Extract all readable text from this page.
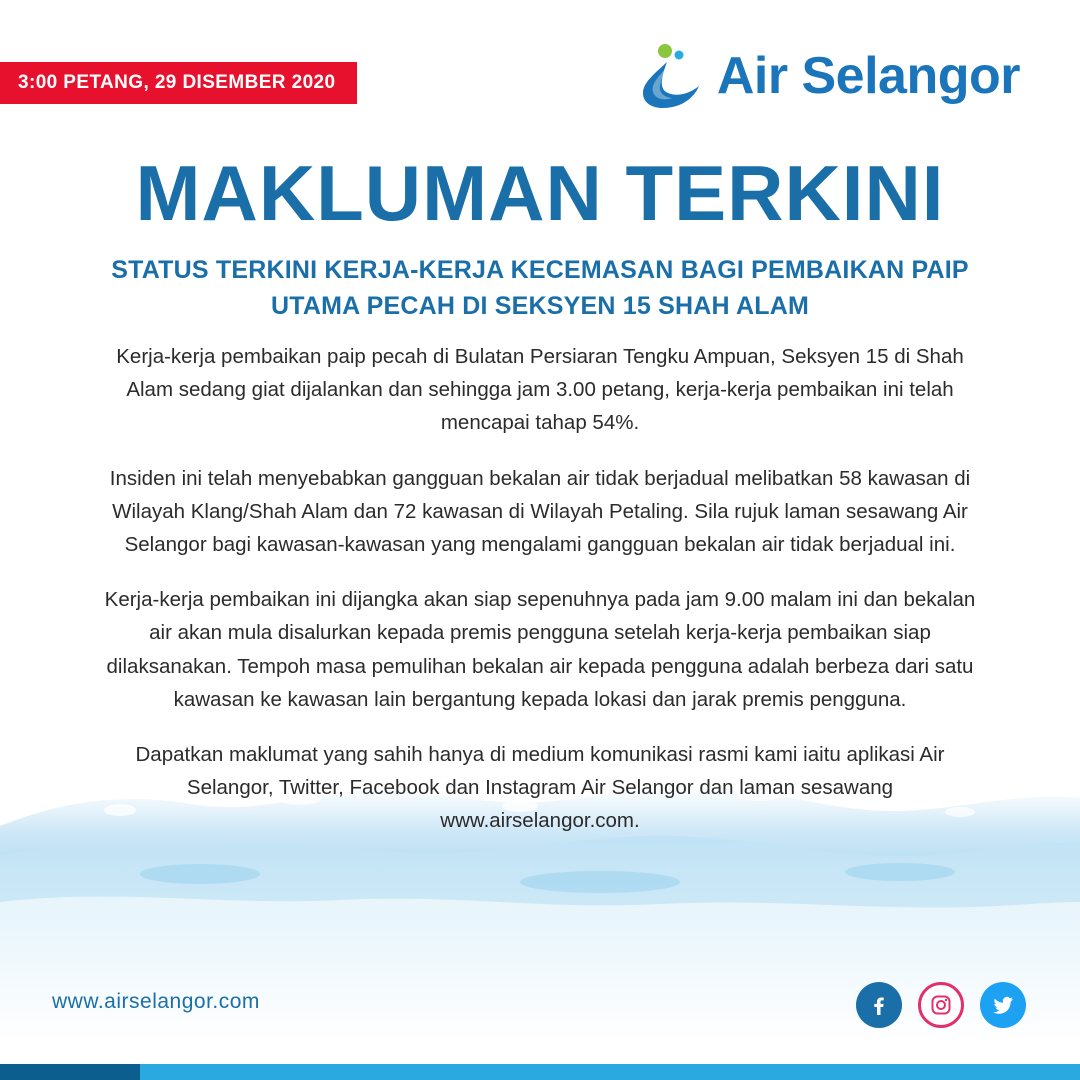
3:00 PETANG, 29 DISEMBER 2020	Air Selangor
MAKLUMAN TERKINI
STATUS TERKINI KERJA-KERJA KECEMASAN BAGI PEMBAIKAN PAIP UTAMA PECAH DI SEKSYEN 15 SHAH ALAM

Kerja-kerja pembaikan paip pecah di Bulatan Persiaran Tengku Ampuan, Seksyen 15 di Shah Alam sedang giat dijalankan dan sehingga jam 3.00 petang, kerja-kerja pembaikan ini telah mencapai tahap 54%.

Insiden ini telah menyebabkan gangguan bekalan air tidak berjadual melibatkan 58 kawasan di Wilayah Klang/Shah Alam dan 72 kawasan di Wilayah Petaling. Sila rujuk laman sesawang Air Selangor bagi kawasan-kawasan yang mengalami gangguan bekalan air tidak berjadual ini.

Kerja-kerja pembaikan ini dijangka akan siap sepenuhnya pada jam 9.00 malam ini dan bekalan air akan mula disalurkan kepada premis pengguna setelah kerja-kerja pembaikan siap dilaksanakan. Tempoh masa pemulihan bekalan air kepada pengguna adalah berbeza dari satu kawasan ke kawasan lain bergantung kepada lokasi dan jarak premis pengguna.

Dapatkan maklumat yang sahih hanya di medium komunikasi rasmi kami iaitu aplikasi Air Selangor, Twitter, Facebook dan Instagram Air Selangor dan laman sesawang www.airselangor.com.

www.airselangor.com
